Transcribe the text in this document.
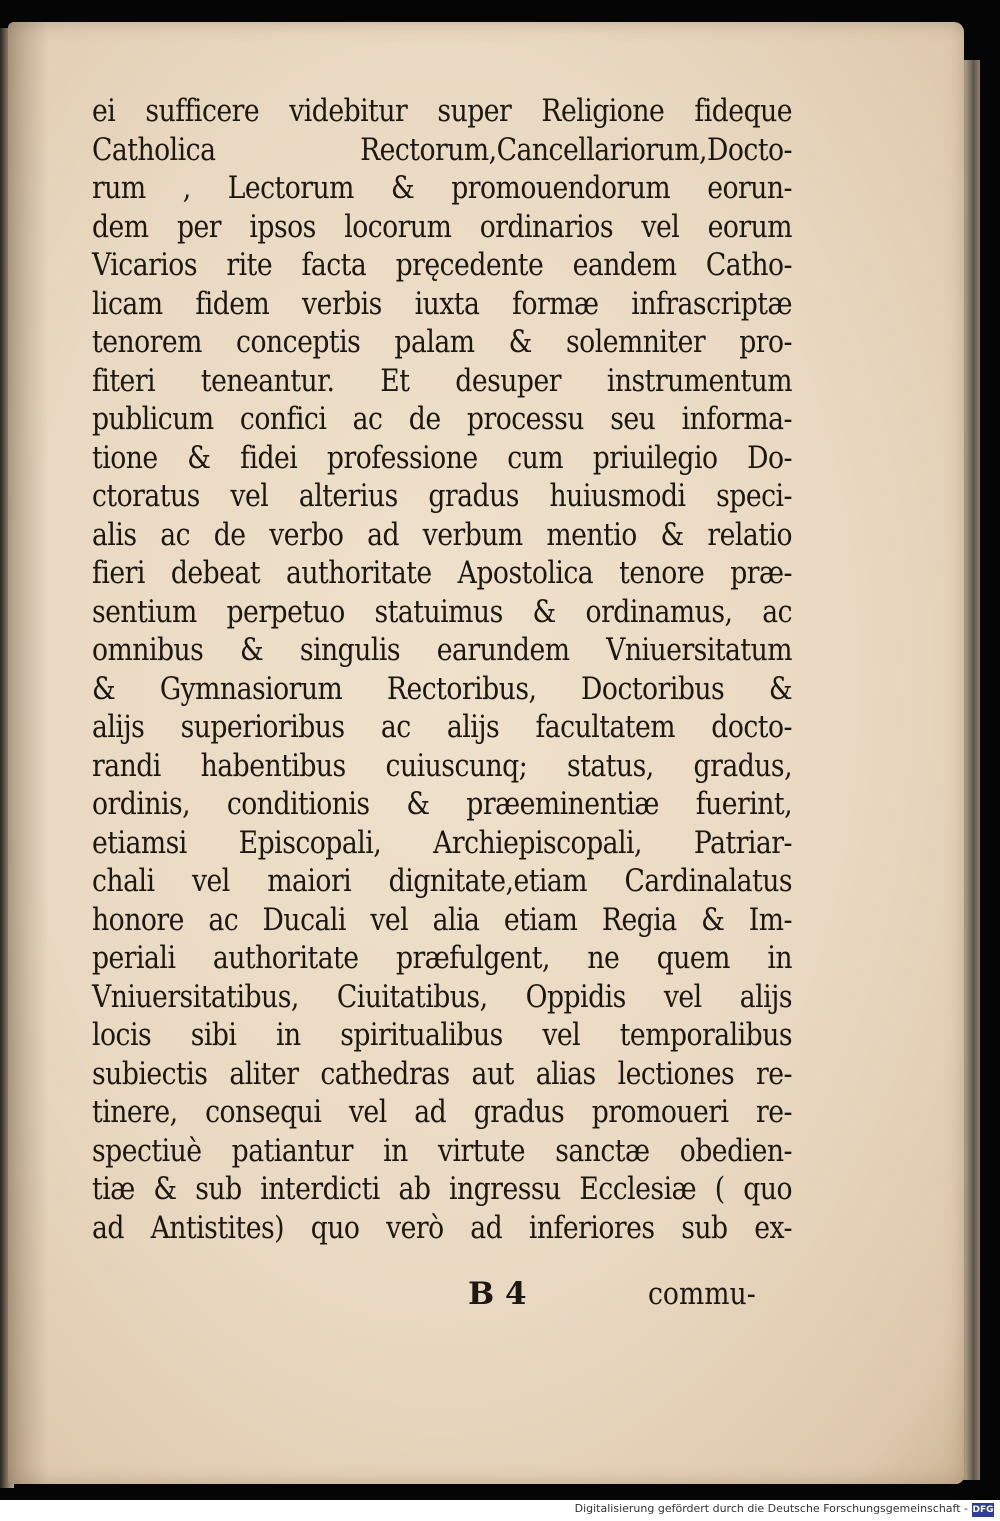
ei sufficere videbitur super Religione fideque
Catholica Rectorum,Cancellariorum,Docto-
rum , Lectorum & promouendorum eorun-
dem per ipsos locorum ordinarios vel eorum
Vicarios rite facta pręcedente eandem Catho-
licam fidem verbis iuxta formæ infrascriptæ
tenorem conceptis palam & solemniter pro-
fiteri teneantur. Et desuper instrumentum
publicum confici ac de processu seu informa-
tione & fidei professione cum priuilegio Do-
ctoratus vel alterius gradus huiusmodi speci-
alis ac de verbo ad verbum mentio & relatio
fieri debeat authoritate Apostolica tenore præ-
sentium perpetuo statuimus & ordinamus, ac
omnibus & singulis earundem Vniuersitatum
& Gymnasiorum Rectoribus, Doctoribus &
alijs superioribus ac alijs facultatem docto-
randi habentibus cuiuscunq; status, gradus,
ordinis, conditionis & præeminentiæ fuerint,
etiamsi Episcopali, Archiepiscopali, Patriar-
chali vel maiori dignitate,etiam Cardinalatus
honore ac Ducali vel alia etiam Regia & Im-
periali authoritate præfulgent, ne quem in
Vniuersitatibus, Ciuitatibus, Oppidis vel alijs
locis sibi in spiritualibus vel temporalibus
subiectis aliter cathedras aut alias lectiones re-
tinere, consequi vel ad gradus promoueri re-
spectiuè patiantur in virtute sanctæ obedien-
tiæ & sub interdicti ab ingressu Ecclesiæ ( quo
ad Antistites) quo verò ad inferiores sub ex-
B 4	commu-
Digitalisierung gefördert durch die Deutsche Forschungsgemeinschaft - DFG
